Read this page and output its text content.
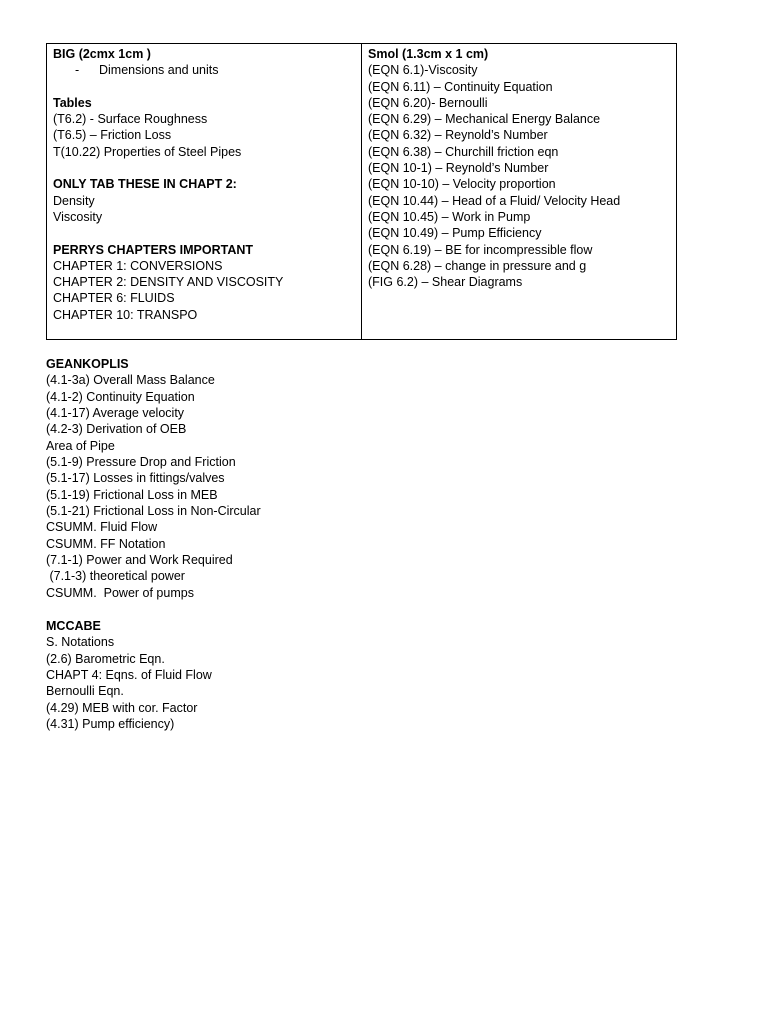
BIG (2cmx 1cm )
-	Dimensions and units
Tables
(T6.2) - Surface Roughness
(T6.5) – Friction Loss
T(10.22) Properties of Steel Pipes
ONLY TAB THESE IN CHAPT 2:
Density
Viscosity
PERRYS CHAPTERS IMPORTANT
CHAPTER 1: CONVERSIONS
CHAPTER 2: DENSITY AND VISCOSITY
CHAPTER 6: FLUIDS
CHAPTER 10: TRANSPO

Smol (1.3cm x 1 cm)
(EQN 6.1)-Viscosity
(EQN 6.11) – Continuity Equation
(EQN 6.20)- Bernoulli
(EQN 6.29) – Mechanical Energy Balance
(EQN 6.32) – Reynold’s Number
(EQN 6.38) – Churchill friction eqn
(EQN 10-1) – Reynold’s Number
(EQN 10-10) – Velocity proportion
(EQN 10.44) – Head of a Fluid/ Velocity Head
(EQN 10.45) – Work in Pump
(EQN 10.49) – Pump Efficiency
(EQN 6.19) – BE for incompressible flow
(EQN 6.28) – change in pressure and g
(FIG 6.2) – Shear Diagrams
GEANKOPLIS
(4.1-3a) Overall Mass Balance
(4.1-2) Continuity Equation
(4.1-17) Average velocity
(4.2-3) Derivation of OEB
Area of Pipe
(5.1-9) Pressure Drop and Friction
(5.1-17) Losses in fittings/valves
(5.1-19) Frictional Loss in MEB
(5.1-21) Frictional Loss in Non-Circular
CSUMM. Fluid Flow
CSUMM. FF Notation
(7.1-1) Power and Work Required
(7.1-3) theoretical power
CSUMM.  Power of pumps
MCCABE
S. Notations
(2.6) Barometric Eqn.
CHAPT 4: Eqns. of Fluid Flow
Bernoulli Eqn.
(4.29) MEB with cor. Factor
(4.31) Pump efficiency)
